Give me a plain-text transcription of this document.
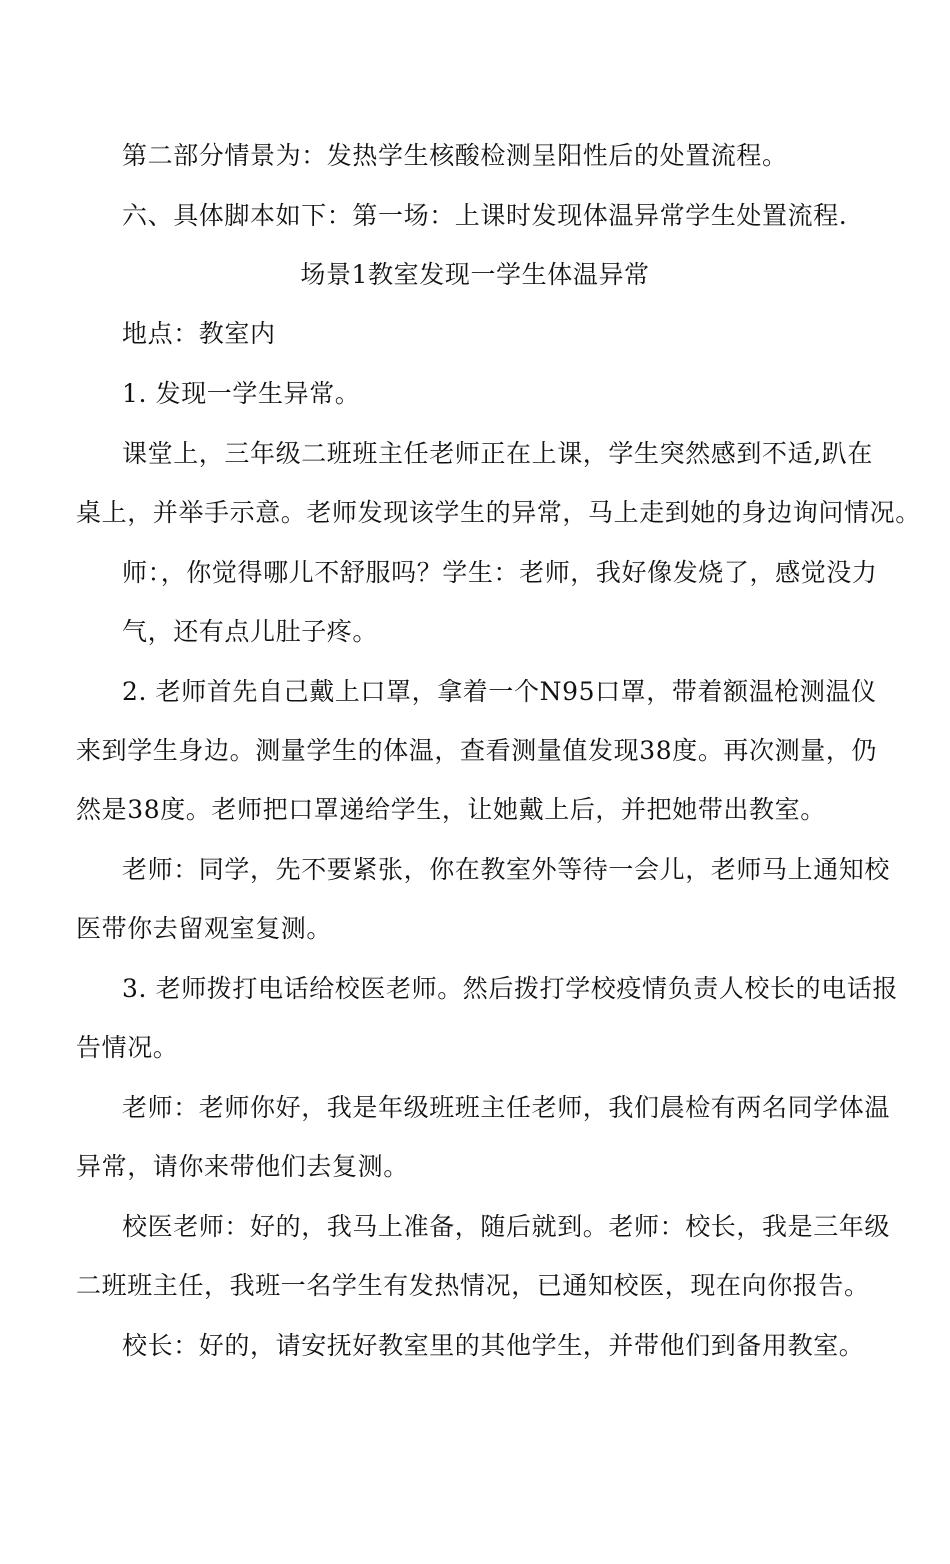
第二部分情景为：发热学生核酸检测呈阳性后的处置流程。
六、具体脚本如下：第一场：上课时发现体温异常学生处置流程.
场景1教室发现一学生体温异常
地点：教室内
1. 发现一学生异常。
课堂上，三年级二班班主任老师正在上课，学生突然感到不适,趴在
桌上，并举手示意。老师发现该学生的异常，马上走到她的身边询问情况。
师：，你觉得哪儿不舒服吗？学生：老师，我好像发烧了，感觉没力
气，还有点儿肚子疼。
2. 老师首先自己戴上口罩，拿着一个N95口罩，带着额温枪测温仪
来到学生身边。测量学生的体温，查看测量值发现38度。再次测量，仍
然是38度。老师把口罩递给学生，让她戴上后，并把她带出教室。
老师：同学，先不要紧张，你在教室外等待一会儿，老师马上通知校
医带你去留观室复测。
3. 老师拨打电话给校医老师。然后拨打学校疫情负责人校长的电话报
告情况。
老师：老师你好，我是年级班班主任老师，我们晨检有两名同学体温
异常，请你来带他们去复测。
校医老师：好的，我马上准备，随后就到。老师：校长，我是三年级
二班班主任，我班一名学生有发热情况，已通知校医，现在向你报告。
校长：好的，请安抚好教室里的其他学生，并带他们到备用教室。
